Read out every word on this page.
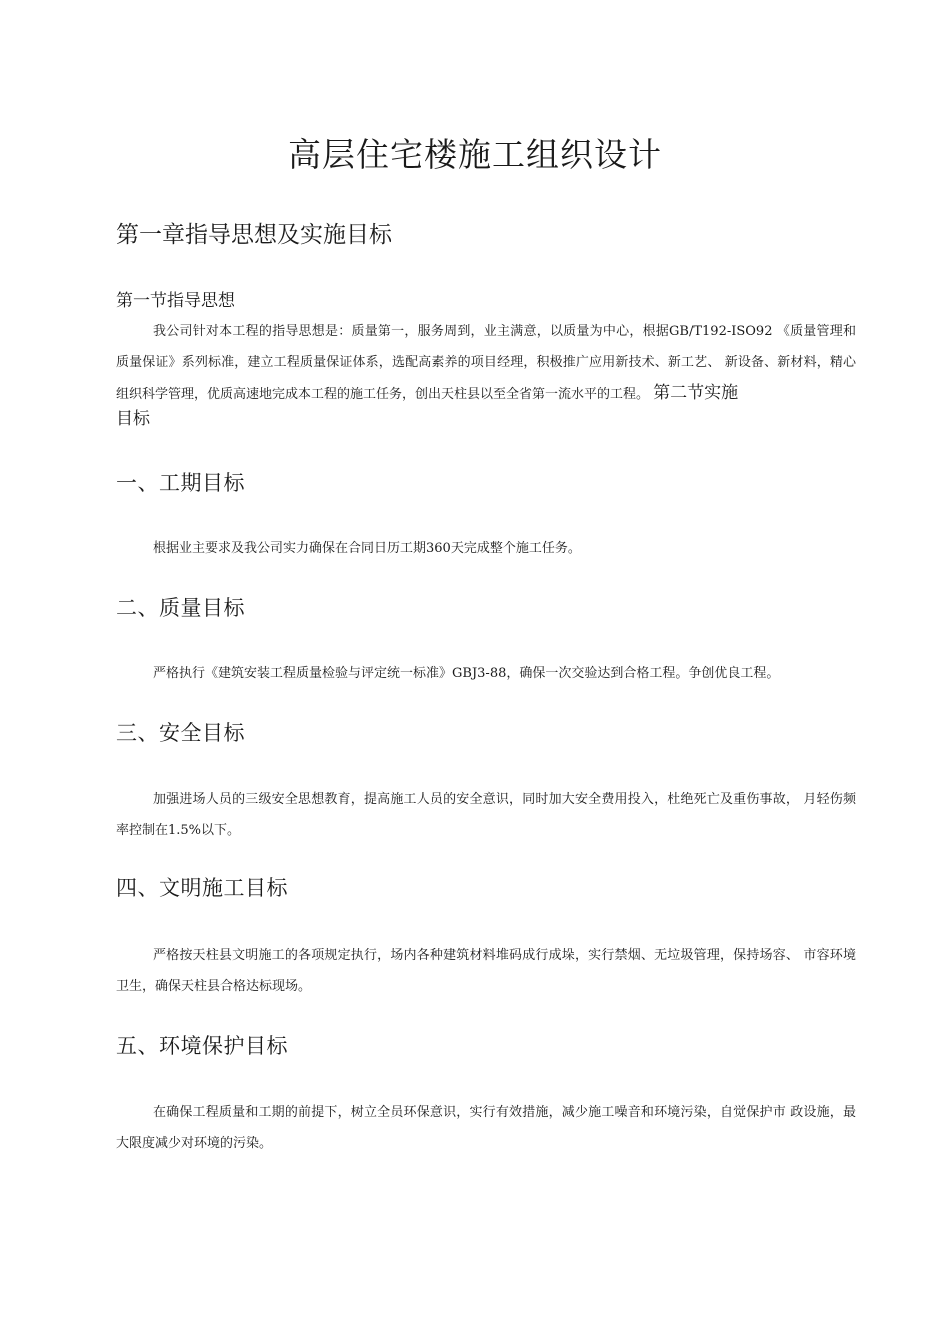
高层住宅楼施工组织设计
第一章指导思想及实施目标
第一节指导思想

我公司针对本工程的指导思想是：质量第一，服务周到，业主满意，以质量为中心，根据GB/T192-ISO92 《质量管理和质量保证》系列标准，建立工程质量保证体系，选配高素养的项目经理，积极推广应用新技术、新工艺、 新设备、新材料，精心组织科学管理，优质高速地完成本工程的施工任务，创出天柱县以至全省第一流水平的工程。 第二节实施

目标
一、工期目标

根据业主要求及我公司实力确保在合同日历工期360天完成整个施工任务。

二、质量目标

严格执行《建筑安装工程质量检验与评定统一标准》GBJ3-88，确保一次交验达到合格工程。争创优良工程。

三、安全目标

加强进场人员的三级安全思想教育，提高施工人员的安全意识，同时加大安全费用投入，杜绝死亡及重伤事故， 月轻伤频率控制在1.5%以下。

四、文明施工目标

严格按天柱县文明施工的各项规定执行，场内各种建筑材料堆码成行成垛，实行禁烟、无垃圾管理，保持场容、 市容环境卫生，确保天柱县合格达标现场。

五、环境保护目标

在确保工程质量和工期的前提下，树立全员环保意识，实行有效措施，减少施工噪音和环境污染，自觉保护市 政设施，最大限度减少对环境的污染。
